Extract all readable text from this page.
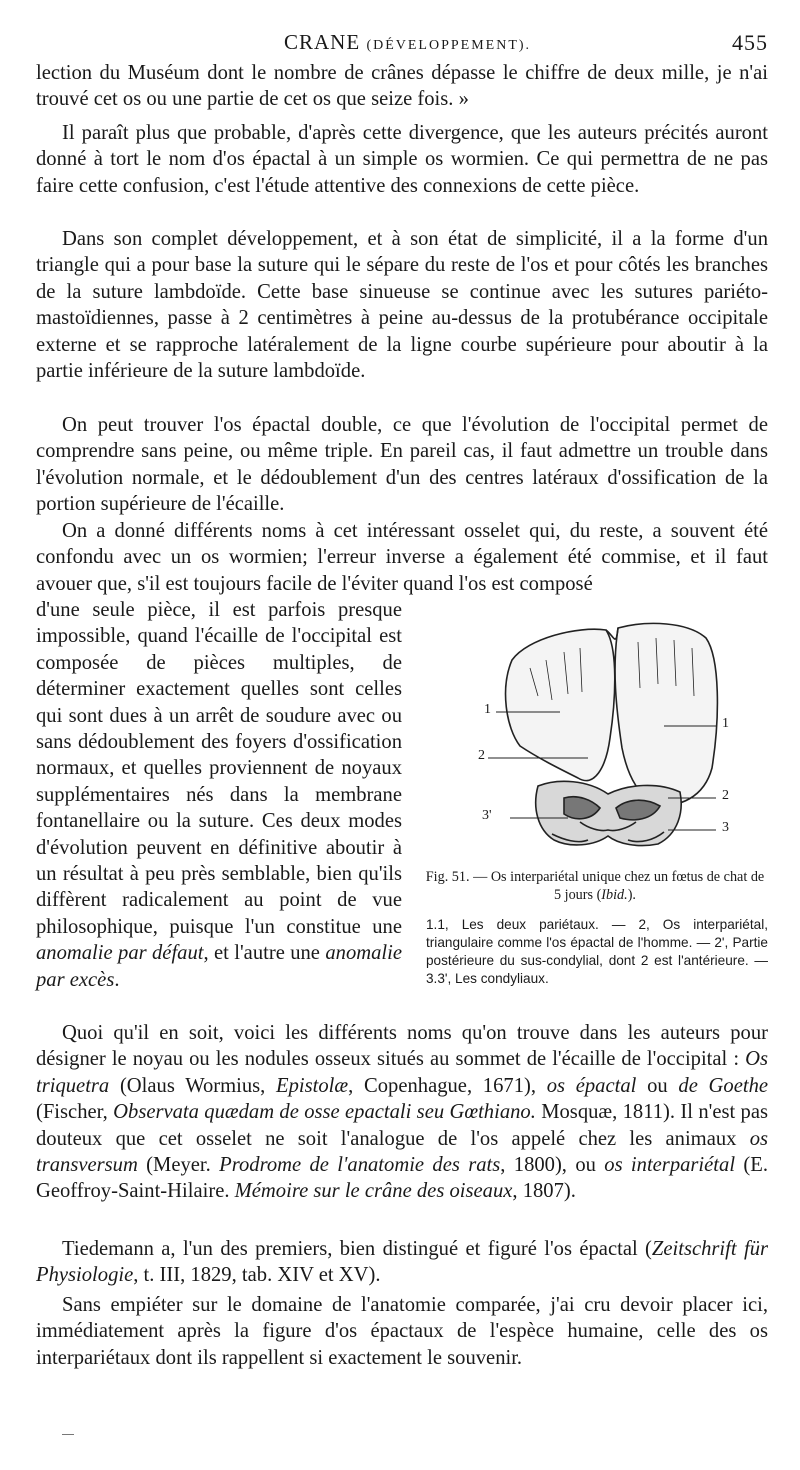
CRANE (DÉVELOPPEMENT).	455

lection du Muséum dont le nombre de crânes dépasse le chiffre de deux mille, je n'ai trouvé cet os ou une partie de cet os que seize fois. »

Il paraît plus que probable, d'après cette divergence, que les auteurs précités auront donné à tort le nom d'os épactal à un simple os wormien. Ce qui permettra de ne pas faire cette confusion, c'est l'étude attentive des connexions de cette pièce.

Dans son complet développement, et à son état de simplicité, il a la forme d'un triangle qui a pour base la suture qui le sépare du reste de l'os et pour côtés les branches de la suture lambdoïde. Cette base sinueuse se continue avec les sutures pariéto-mastoïdiennes, passe à 2 centimètres à peine au-dessus de la protubérance occipitale externe et se rapproche latéralement de la ligne courbe supérieure pour aboutir à la partie inférieure de la suture lambdoïde.

On peut trouver l'os épactal double, ce que l'évolution de l'occipital permet de comprendre sans peine, ou même triple. En pareil cas, il faut admettre un trouble dans l'évolution normale, et le dédoublement d'un des centres latéraux d'ossification de la portion supérieure de l'écaille.

On a donné différents noms à cet intéressant osselet qui, du reste, a souvent été confondu avec un os wormien; l'erreur inverse a également été commise, et il faut avouer que, s'il est toujours facile de l'éviter quand l'os est composé

d'une seule pièce, il est parfois presque impossible, quand l'écaille de l'occipital est composée de pièces multiples, de déterminer exactement quelles sont celles qui sont dues à un arrêt de soudure avec ou sans dédoublement des foyers d'ossification normaux, et quelles proviennent de noyaux supplémentaires nés dans la membrane fontanellaire ou la suture. Ces deux modes d'évolution peuvent en définitive aboutir à un résultat à peu près semblable, bien qu'ils diffèrent radicalement au point de vue philosophique, puisque l'un constitue une anomalie par défaut, et l'autre une anomalie par excès.

Quoi qu'il en soit, voici les différents noms qu'on trouve dans les auteurs pour désigner le noyau ou les nodules osseux situés au sommet de l'écaille de l'occipital : Os triquetra (Olaus Wormius, Epistolæ, Copenhague, 1671), os épactal ou de Goethe (Fischer, Observata quædam de osse epactali seu Gœthiano. Mosquæ, 1811). Il n'est pas douteux que cet osselet ne soit l'analogue de l'os appelé chez les animaux os transversum (Meyer. Prodrome de l'anatomie des rats, 1800), ou os interpariétal (E. Geoffroy-Saint-Hilaire. Mémoire sur le crâne des oiseaux, 1807).

Tiedemann a, l'un des premiers, bien distingué et figuré l'os épactal (Zeitschrift für Physiologie, t. III, 1829, tab. XIV et XV).

Sans empiéter sur le domaine de l'anatomie comparée, j'ai cru devoir placer ici, immédiatement après la figure d'os épactaux de l'espèce humaine, celle des os interpariétaux dont ils rappellent si exactement le souvenir.

1
2
3'
1
2
3

Fig. 51. — Os interpariétal unique chez un fœtus de chat de 5 jours (Ibid.).

1.1, Les deux pariétaux. — 2, Os interpariétal, triangulaire comme l'os épactal de l'homme. — 2', Partie postérieure du sus-condylial, dont 2 est l'antérieure. — 3.3', Les condyliaux.
